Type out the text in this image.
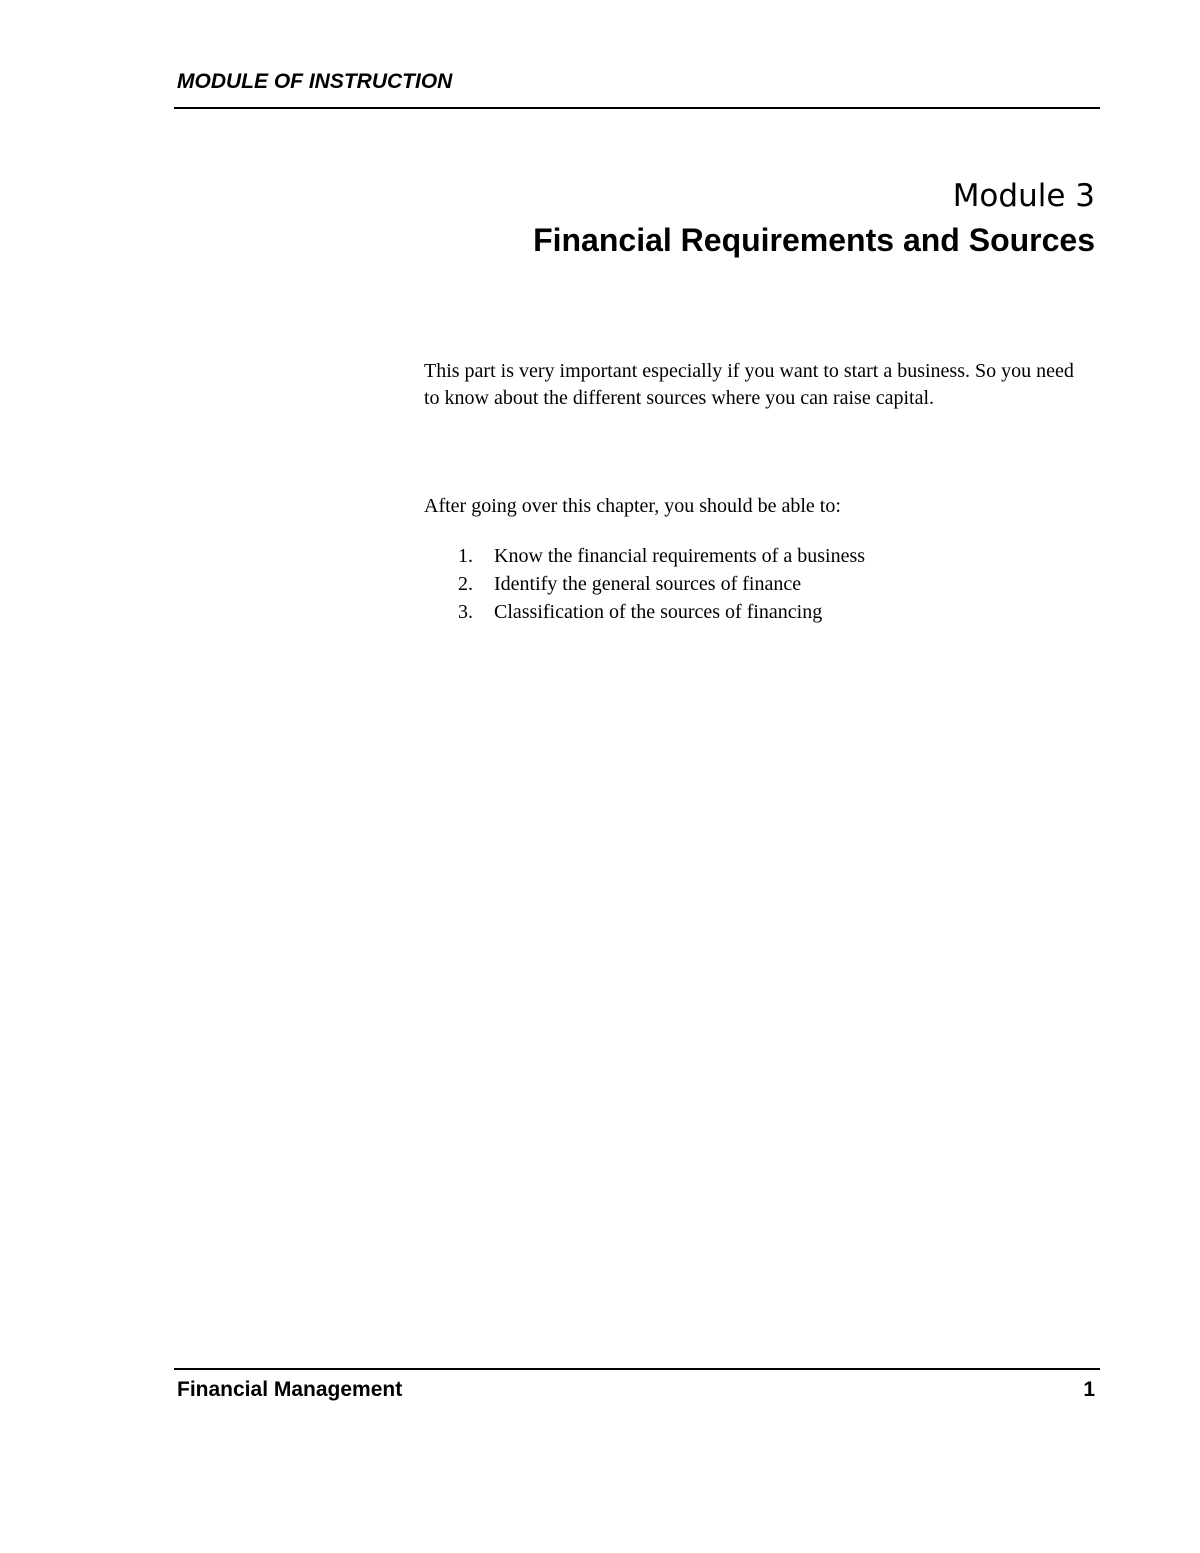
MODULE OF INSTRUCTION
Module 3
Financial Requirements and Sources
This part is very important especially if you want to start a business. So you need to know about the different sources where you can raise capital.
After going over this chapter, you should be able to:
1.	Know the financial requirements of a business
2.	Identify the general sources of finance
3.	Classification of the sources of financing
Financial Management	1
